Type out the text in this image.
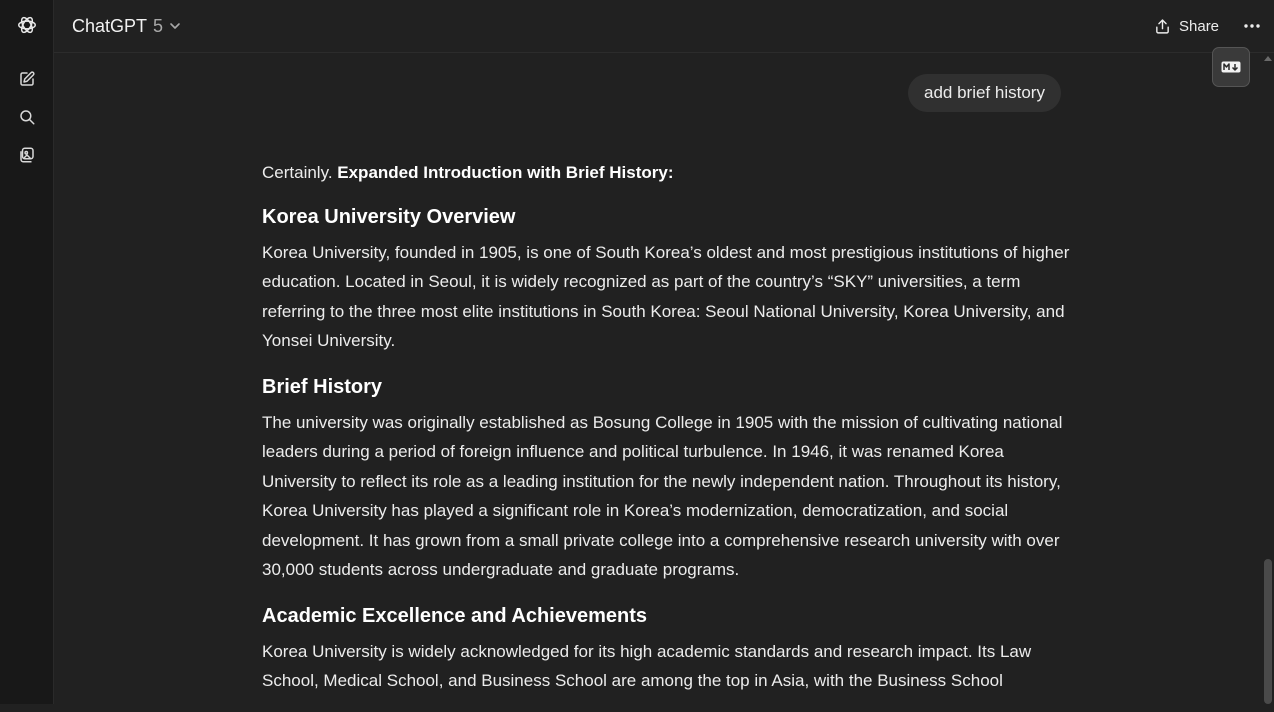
ChatGPT 5	Share
add brief history

Certainly. Expanded Introduction with Brief History:

Korea University Overview

Korea University, founded in 1905, is one of South Korea’s oldest and most prestigious institutions of higher education. Located in Seoul, it is widely recognized as part of the country’s “SKY” universities, a term referring to the three most elite institutions in South Korea: Seoul National University, Korea University, and Yonsei University.

Brief History

The university was originally established as Bosung College in 1905 with the mission of cultivating national leaders during a period of foreign influence and political turbulence. In 1946, it was renamed Korea University to reflect its role as a leading institution for the newly independent nation. Throughout its history, Korea University has played a significant role in Korea’s modernization, democratization, and social development. It has grown from a small private college into a comprehensive research university with over 30,000 students across undergraduate and graduate programs.

Academic Excellence and Achievements

Korea University is widely acknowledged for its high academic standards and research impact. Its Law School, Medical School, and Business School are among the top in Asia, with the Business School
